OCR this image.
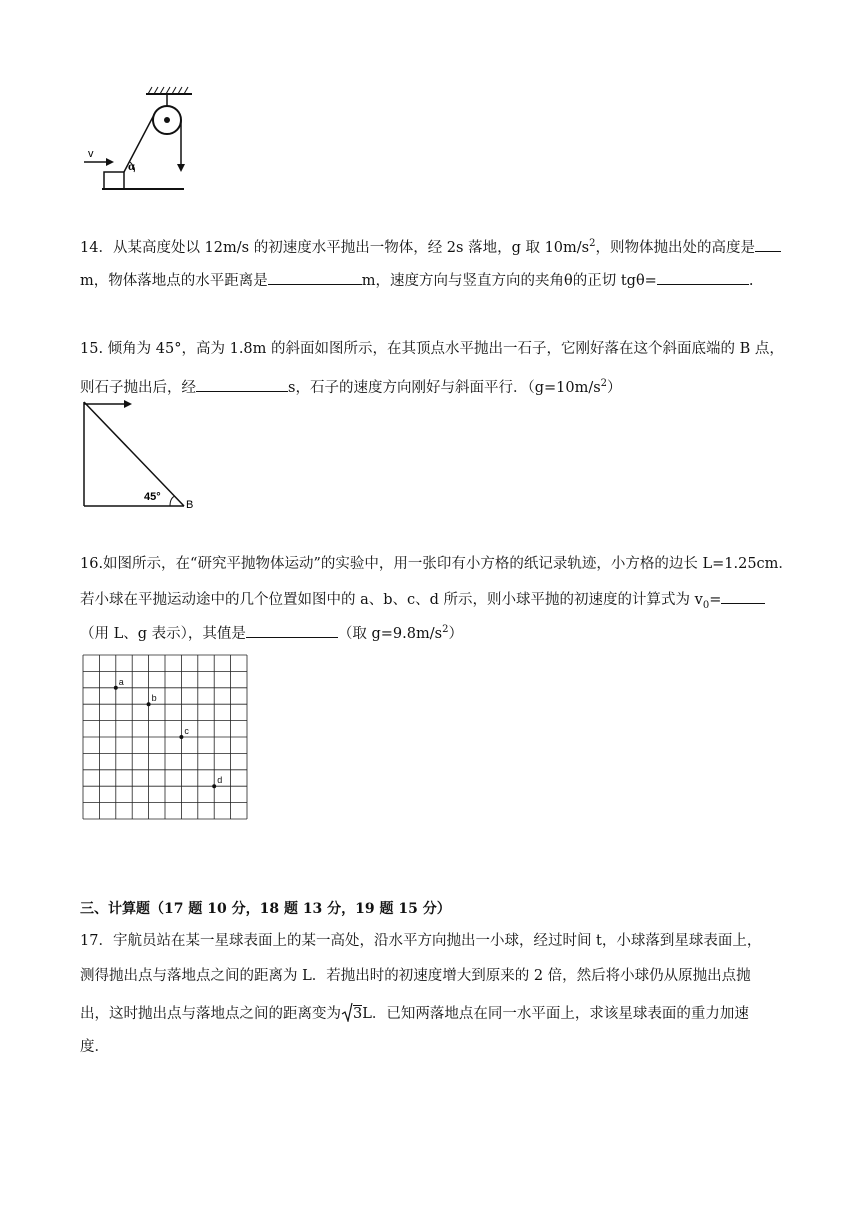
v
α
14．从某高度处以 12m/s 的初速度水平抛出一物体，经 2s 落地，g 取 $10m/s^2$，则物体抛出处的高度是
m，物体落地点的水平距离是	m，速度方向与竖直方向的夹角θ的正切 tgθ=	.
15. 倾角为 45°，高为 1.8m 的斜面如图所示，在其顶点水平抛出一石子，它刚好落在这个斜面底端的 B 点，
则石子抛出后，经	s，石子的速度方向刚好与斜面平行．$(g=10m/s^2)$
45°
B
16.如图所示，在“研究平抛物体运动”的实验中，用一张印有小方格的纸记录轨迹，小方格的边长 L=1.25cm．
若小球在平抛运动途中的几个位置如图中的 a、b、c、d 所示，则小球平抛的初速度的计算式为 $v_0=$
（用 L、g 表示），其值是	（取 $g=9.8m/s^2$）
a
b
c
d
三、计算题（17 题 10 分，18 题 13 分，19 题 15 分）
17．宇航员站在某一星球表面上的某一高处，沿水平方向抛出一小球，经过时间 t，小球落到星球表面上，
测得抛出点与落地点之间的距离为 L．若抛出时的初速度增大到原来的 2 倍，然后将小球仍从原抛出点抛
出，这时抛出点与落地点之间的距离变为 3L．已知两落地点在同一水平面上，求该星球表面的重力加速
度．
